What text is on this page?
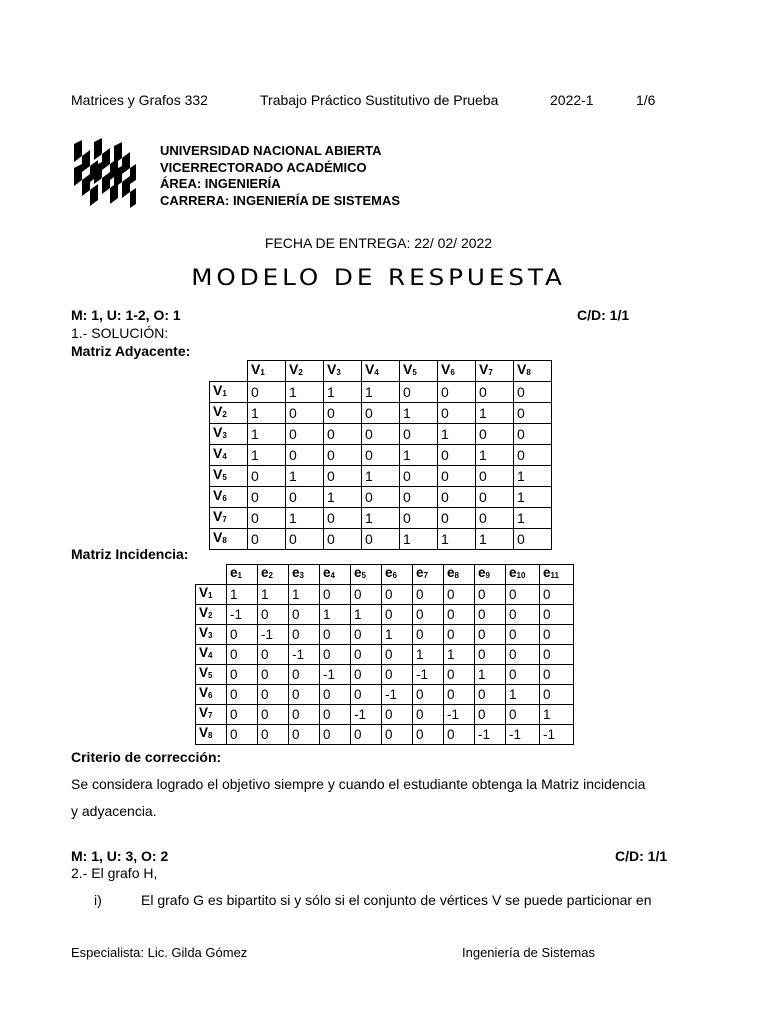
Matrices y Grafos 332	Trabajo Práctico Sustitutivo de Prueba	2022-1	1/6
UNIVERSIDAD NACIONAL ABIERTA
VICERRECTORADO ACADÉMICO
ÁREA: INGENIERÍA
CARRERA: INGENIERÍA DE SISTEMAS
FECHA DE ENTREGA: 22/ 02/ 2022
MODELO DE RESPUESTA
M: 1, U: 1-2, O: 1	C/D: 1/1
1.- SOLUCIÓN:
Matriz Adyacente:
	$V_1$	$V_2$	$V_3$	$V_4$	$V_5$	$V_6$	$V_7$	$V_8$
$V_1$	0	1	1	1	0	0	0	0
$V_2$	1	0	0	0	1	0	1	0
$V_3$	1	0	0	0	0	1	0	0
$V_4$	1	0	0	0	1	0	1	0
$V_5$	0	1	0	1	0	0	0	1
$V_6$	0	0	1	0	0	0	0	1
$V_7$	0	1	0	1	0	0	0	1
$V_8$	0	0	0	0	1	1	1	0
Matriz Incidencia:
	$e_1$	$e_2$	$e_3$	$e_4$	$e_5$	$e_6$	$e_7$	$e_8$	$e_9$	$e_{10}$	$e_{11}$
$V_1$	1	1	1	0	0	0	0	0	0	0	0
$V_2$	-1	0	0	1	1	0	0	0	0	0	0
$V_3$	0	-1	0	0	0	1	0	0	0	0	0
$V_4$	0	0	-1	0	0	0	1	1	0	0	0
$V_5$	0	0	0	-1	0	0	-1	0	1	0	0
$V_6$	0	0	0	0	0	-1	0	0	0	1	0
$V_7$	0	0	0	0	-1	0	0	-1	0	0	1
$V_8$	0	0	0	0	0	0	0	0	-1	-1	-1
Criterio de corrección:
Se considera logrado el objetivo siempre y cuando el estudiante obtenga la Matriz incidencia
y adyacencia.
M: 1, U: 3, O: 2	C/D: 1/1
2.- El grafo H,
i)	El grafo G es bipartito si y sólo si el conjunto de vértices V se puede particionar en
Especialista: Lic. Gilda Gómez	Ingeniería de Sistemas
